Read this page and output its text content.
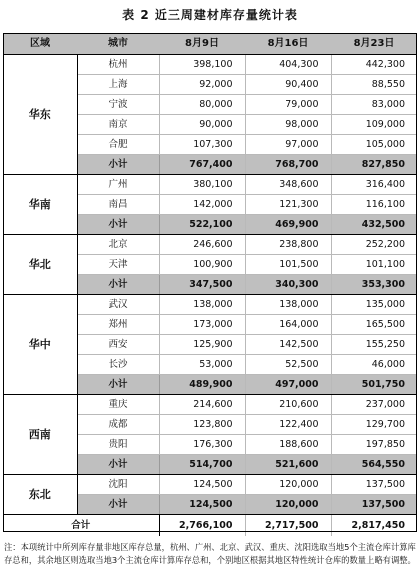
表 2 近三周建材库存量统计表
区域	城市	8月9日	8月16日	8月23日
华东	杭州	398,100	404,300	442,300
	上海	92,000	90,400	88,550
	宁波	80,000	79,000	83,000
	南京	90,000	98,000	109,000
	合肥	107,300	97,000	105,000
	小计	767,400	768,700	827,850
华南	广州	380,100	348,600	316,400
	南昌	142,000	121,300	116,100
	小计	522,100	469,900	432,500
华北	北京	246,600	238,800	252,200
	天津	100,900	101,500	101,100
	小计	347,500	340,300	353,300
华中	武汉	138,000	138,000	135,000
	郑州	173,000	164,000	165,500
	西安	125,900	142,500	155,250
	长沙	53,000	52,500	46,000
	小计	489,900	497,000	501,750
西南	重庆	214,600	210,600	237,000
	成都	123,800	122,400	129,700
	贵阳	176,300	188,600	197,850
	小计	514,700	521,600	564,550
东北	沈阳	124,500	120,000	137,500
	小计	124,500	120,000	137,500
合计		2,766,100	2,717,500	2,817,450
注：本项统计中所列库存量非地区库存总量，杭州、广州、北京、武汉、重庆、沈阳选取当地5个主流仓库计算库存总和，其余地区则选取当地3个主流仓库计算库存总和，个别地区根据其地区特性统计仓库的数量上略有调整。
